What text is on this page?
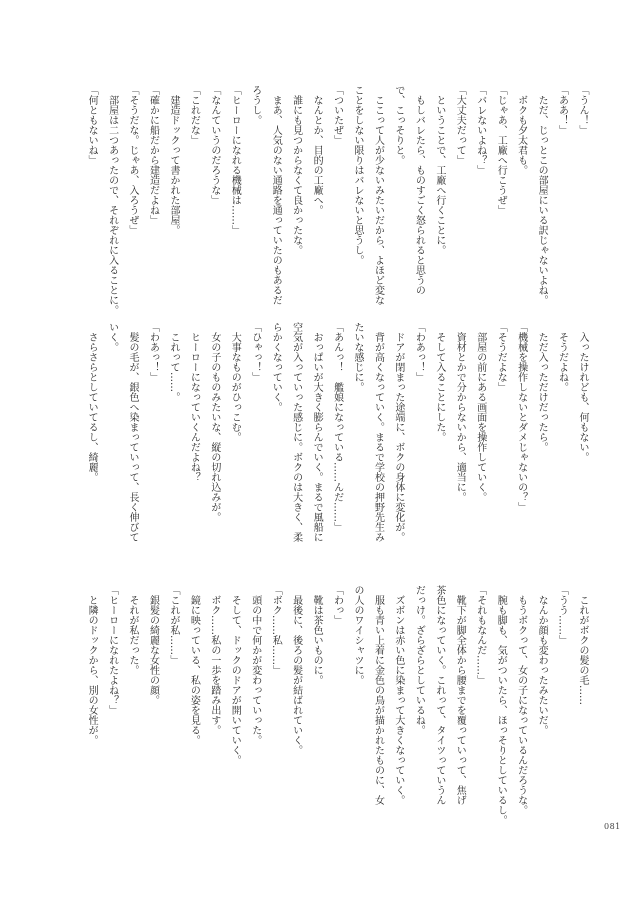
「うん！」
「ああ！」
ただ、じっとこの部屋にいる訳じゃないよね。
ボクも夕太君も。
「じゃあ、工廠へ行こうぜ」
「バレないよね？」
「大丈夫だって」
ということで、工廠へ行くことに。
もしバレたら、ものすごく怒られると思うの
で、こっそりと。
ここって人が少ないみたいだから、よほど変な
ことをしない限りはバレないと思うし。
「ついたぜ」
なんとか、目的の工廠へ。
誰にも見つからなくて良かったな。
まあ、人気のない通路を通っていたのもあるだ
ろうし。
「ヒーローになれる機械は……」
「なんていうのだろうな」
「これだな」
建造ドックって書かれた部屋。
「確かに船だから建造だよね」
「そうだな。じゃあ、入ろうぜ」
部屋は二つあったので、それぞれに入ることに。
「何ともないね」
入ったけれども、何もない。
そうだよね。
ただ入っただけだったら。
「機械を操作しないとダメじゃないの？」
「そうだよな」
部屋の前にある画面を操作していく。
資材とかで分からないから、適当に。
そして入ることにした。
「わあっ！」
ドアが閉まった途端に、ボクの身体に変化が。
背が高くなっていく。まるで学校の押野先生み
たいな感じに。
「あんっ！　艦娘になっている……んだ……」
おっぱいが大きく膨らんでいく。まるで風船に
空気が入っていった感じに。ボクのは大きく、柔
らかくなっていく。
「ひゃっ！」
大事なものがひっこむ。
女の子のものみたいな、縦の切れ込みが。
ヒーローになっていくんだよね？
これって……。
「わあっ！」
髪の毛が、銀色へ染まっていって、長く伸びて
いく。
さらさらとしていてるし、綺麗。
これがボクの髪の毛……
「うう……」
なんか顔も変わったみたいだ。
もうボクって、女の子になっているんだろうな。
腕も脚も、気がついたら、ほっそりとしているし。
「それもなんだ……」
靴下が脚全体から腰までを覆っていって、焦げ
茶色になっていく。これって、タイツっていうん
だっけ。ざらざらとしているね。
ズボンは赤い色に染まって大きくなっていく。
服も青い上着に金色の鳥が描かれたものに、女
の人のワイシャツに。
「わっ」
靴は茶色いものに。
最後に、後ろの髪が結ばれていく。
「ボク……私……」
頭の中で何かが変わっていった。
そして、ドックのドアが開いていく。
ボク……私の一歩を踏み出す。
鏡に映っている、私の姿を見る。
「これが私……」
銀髪の綺麗な女性の顔。
それが私だった。
「ヒーローになれたよね？」
と隣のドックから、別の女性が。
081
